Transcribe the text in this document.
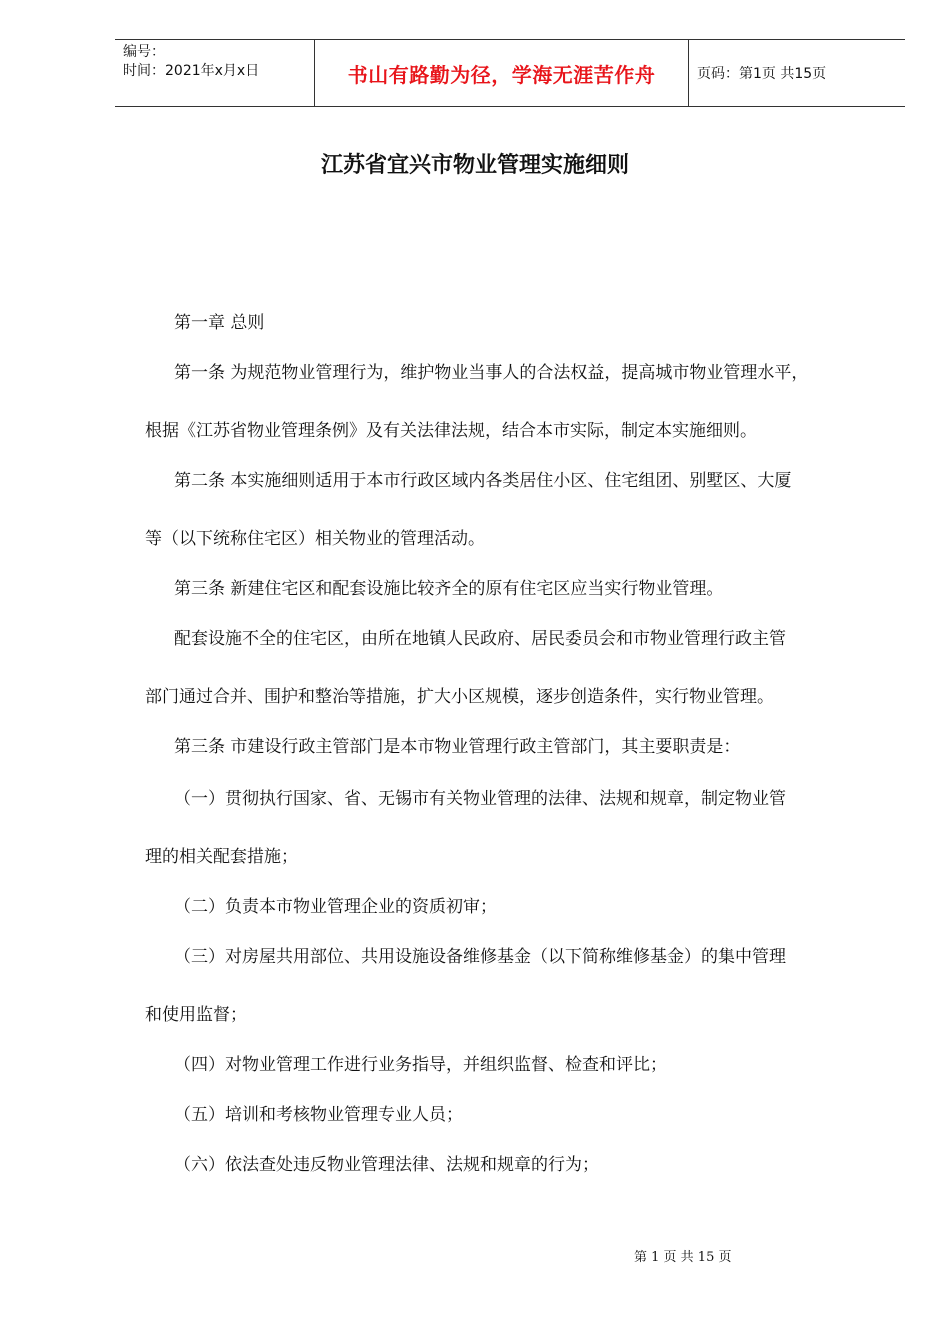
编号：
时间：2021年x月x日	书山有路勤为径，学海无涯苦作舟	页码：第1页 共15页
江苏省宜兴市物业管理实施细则
第一章 总则
第一条 为规范物业管理行为，维护物业当事人的合法权益，提高城市物业管理水平，
根据《江苏省物业管理条例》及有关法律法规，结合本市实际，制定本实施细则。
第二条 本实施细则适用于本市行政区域内各类居住小区、住宅组团、别墅区、大厦
等（以下统称住宅区）相关物业的管理活动。
第三条 新建住宅区和配套设施比较齐全的原有住宅区应当实行物业管理。
配套设施不全的住宅区，由所在地镇人民政府、居民委员会和市物业管理行政主管
部门通过合并、围护和整治等措施，扩大小区规模，逐步创造条件，实行物业管理。
第三条 市建设行政主管部门是本市物业管理行政主管部门，其主要职责是：
（一）贯彻执行国家、省、无锡市有关物业管理的法律、法规和规章，制定物业管
理的相关配套措施；
（二）负责本市物业管理企业的资质初审；
（三）对房屋共用部位、共用设施设备维修基金（以下简称维修基金）的集中管理
和使用监督；
（四）对物业管理工作进行业务指导，并组织监督、检查和评比；
（五）培训和考核物业管理专业人员；
（六）依法查处违反物业管理法律、法规和规章的行为；
第 1 页 共 15 页
